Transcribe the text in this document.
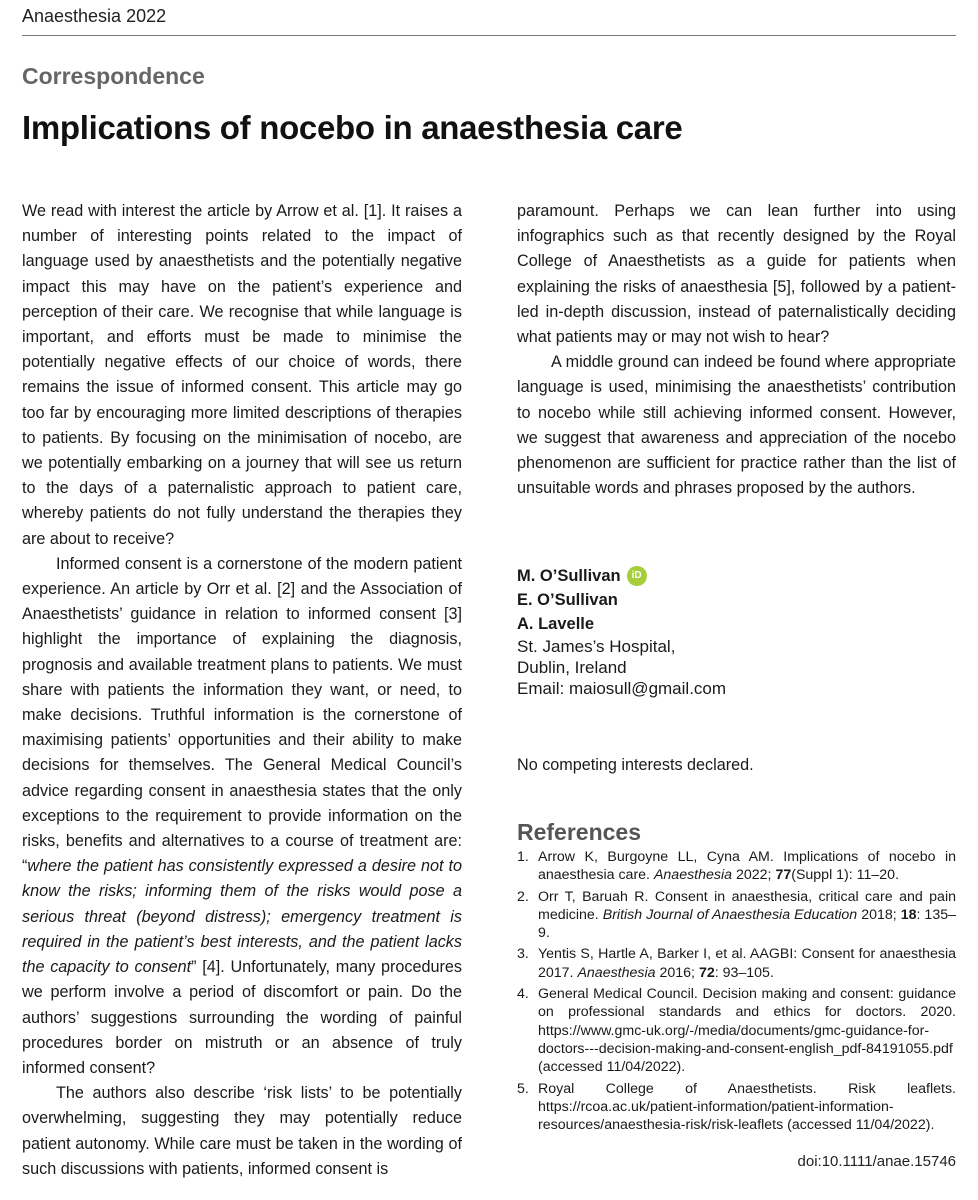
Anaesthesia 2022
Correspondence
Implications of nocebo in anaesthesia care

We read with interest the article by Arrow et al. [1]. It raises a number of interesting points related to the impact of language used by anaesthetists and the potentially negative impact this may have on the patient’s experience and perception of their care. We recognise that while language is important, and efforts must be made to minimise the potentially negative effects of our choice of words, there remains the issue of informed consent. This article may go too far by encouraging more limited descriptions of therapies to patients. By focusing on the minimisation of nocebo, are we potentially embarking on a journey that will see us return to the days of a paternalistic approach to patient care, whereby patients do not fully understand the therapies they are about to receive?

Informed consent is a cornerstone of the modern patient experience. An article by Orr et al. [2] and the Association of Anaesthetists’ guidance in relation to informed consent [3] highlight the importance of explaining the diagnosis, prognosis and available treatment plans to patients. We must share with patients the information they want, or need, to make decisions. Truthful information is the cornerstone of maximising patients’ opportunities and their ability to make decisions for themselves. The General Medical Council’s advice regarding consent in anaesthesia states that the only exceptions to the requirement to provide information on the risks, benefits and alternatives to a course of treatment are: “where the patient has consistently expressed a desire not to know the risks; informing them of the risks would pose a serious threat (beyond distress); emergency treatment is required in the patient’s best interests, and the patient lacks the capacity to consent” [4]. Unfortunately, many procedures we perform involve a period of discomfort or pain. Do the authors’ suggestions surrounding the wording of painful procedures border on mistruth or an absence of truly informed consent?

The authors also describe ‘risk lists’ to be potentially overwhelming, suggesting they may potentially reduce patient autonomy. While care must be taken in the wording of such discussions with patients, informed consent is

paramount. Perhaps we can lean further into using infographics such as that recently designed by the Royal College of Anaesthetists as a guide for patients when explaining the risks of anaesthesia [5], followed by a patient-led in-depth discussion, instead of paternalistically deciding what patients may or may not wish to hear?

A middle ground can indeed be found where appropriate language is used, minimising the anaesthetists’ contribution to nocebo while still achieving informed consent. However, we suggest that awareness and appreciation of the nocebo phenomenon are sufficient for practice rather than the list of unsuitable words and phrases proposed by the authors.

M. O’Sullivan	iD
E. O’Sullivan
A. Lavelle
St. James’s Hospital,
Dublin, Ireland
Email: maiosull@gmail.com
No competing interests declared.
References
1. Arrow K, Burgoyne LL, Cyna AM. Implications of nocebo in anaesthesia care. Anaesthesia 2022; 77(Suppl 1): 11–20.
2. Orr T, Baruah R. Consent in anaesthesia, critical care and pain medicine. British Journal of Anaesthesia Education 2018; 18: 135–9.
3. Yentis S, Hartle A, Barker I, et al. AAGBI: Consent for anaesthesia 2017. Anaesthesia 2016; 72: 93–105.
4. General Medical Council. Decision making and consent: guidance on professional standards and ethics for doctors. 2020. https://www.gmc-uk.org/-/media/documents/gmc-guidance-for-doctors---decision-making-and-consent-english_pdf-84191055.pdf (accessed 11/04/2022).
5. Royal College of Anaesthetists. Risk leaflets. https://rcoa.ac.uk/patient-information/patient-information-resources/anaesthesia-risk/risk-leaflets (accessed 11/04/2022).
doi:10.1111/anae.15746
